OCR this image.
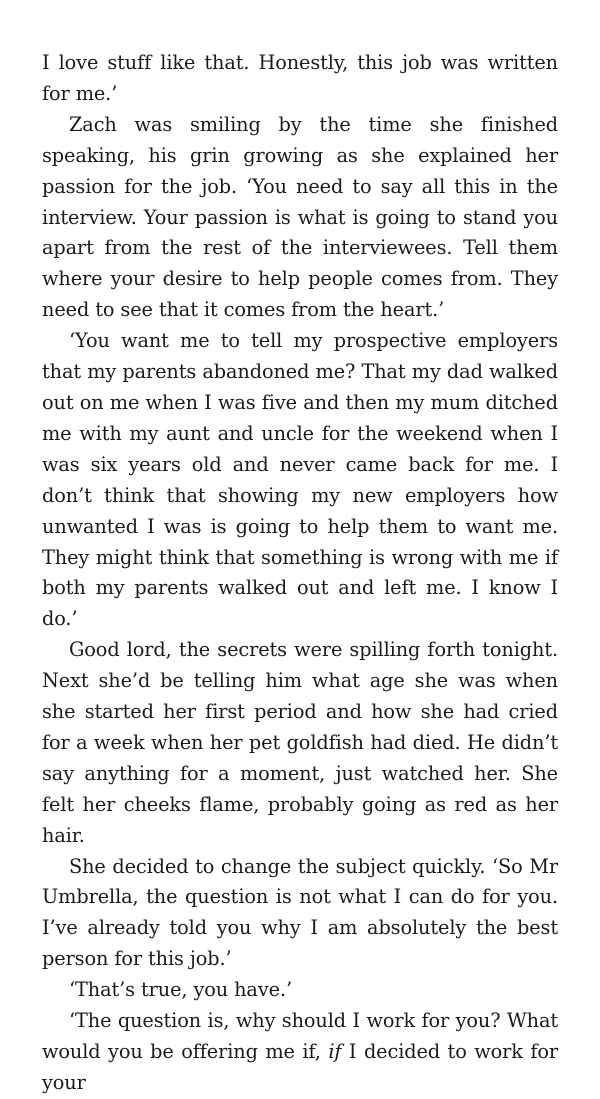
I love stuff like that. Honestly, this job was written for me.’

Zach was smiling by the time she finished speaking, his grin growing as she explained her passion for the job. ‘You need to say all this in the interview. Your passion is what is going to stand you apart from the rest of the interviewees. Tell them where your desire to help people comes from. They need to see that it comes from the heart.’

‘You want me to tell my prospective employers that my parents abandoned me? That my dad walked out on me when I was five and then my mum ditched me with my aunt and uncle for the weekend when I was six years old and never came back for me. I don’t think that showing my new employers how unwanted I was is going to help them to want me. They might think that something is wrong with me if both my parents walked out and left me. I know I do.’

Good lord, the secrets were spilling forth tonight. Next she’d be telling him what age she was when she started her first period and how she had cried for a week when her pet goldfish had died. He didn’t say anything for a moment, just watched her. She felt her cheeks flame, probably going as red as her hair.

She decided to change the subject quickly. ‘So Mr Umbrella, the question is not what I can do for you. I’ve already told you why I am absolutely the best person for this job.’

‘That’s true, you have.’

‘The question is, why should I work for you? What would you be offering me if, if I decided to work for your
